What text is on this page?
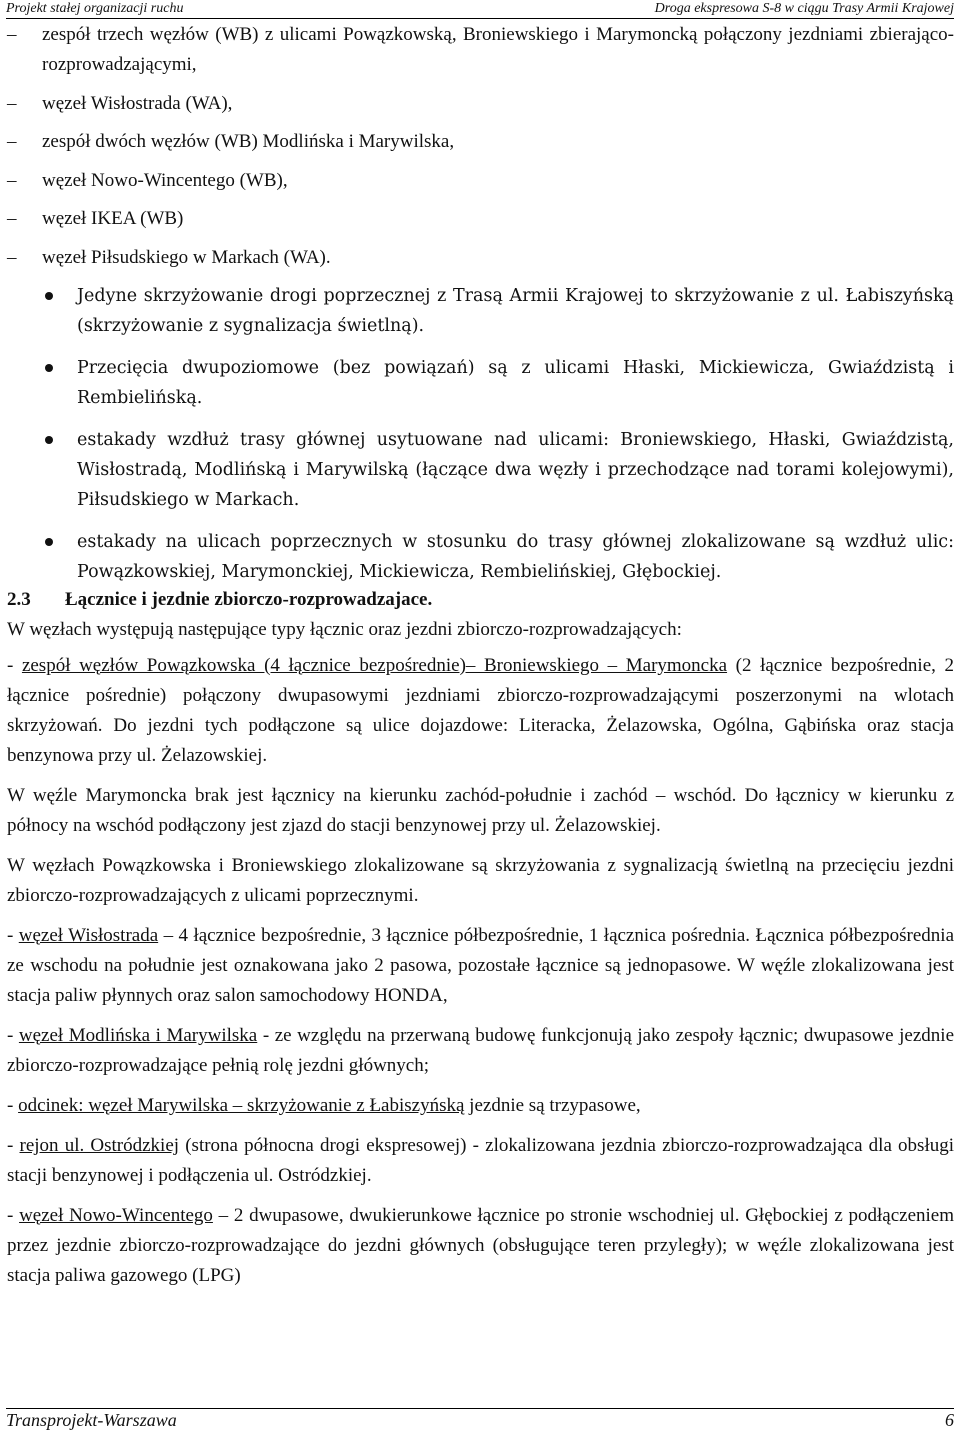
Projekt stałej organizacji ruchu	Droga ekspresowa S-8 w ciągu Trasy Armii Krajowej
– zespół trzech węzłów (WB) z ulicami Powązkowską, Broniewskiego i Marymoncką połączony jezdniami zbierająco-rozprowadzającymi,
– węzeł Wisłostrada (WA),
– zespół dwóch węzłów (WB) Modlińska i Marywilska,
– węzeł Nowo-Wincentego (WB),
– węzeł IKEA (WB)
– węzeł Piłsudskiego w Markach (WA).
Jedyne skrzyżowanie drogi poprzecznej z Trasą Armii Krajowej to skrzyżowanie z ul. Łabiszyńską (skrzyżowanie z sygnalizacja świetlną).
Przecięcia dwupoziomowe (bez powiązań) są z ulicami Hłaski, Mickiewicza, Gwiaździstą i Rembielińską.
estakady wzdłuż trasy głównej usytuowane nad ulicami: Broniewskiego, Hłaski, Gwiaździstą, Wisłostradą, Modlińską i Marywilską (łączące dwa węzły i przechodzące nad torami kolejowymi), Piłsudskiego w Markach.
estakady na ulicach poprzecznych w stosunku do trasy głównej zlokalizowane są wzdłuż ulic: Powązkowskiej, Marymonckiej, Mickiewicza, Rembielińskiej, Głębockiej.
2.3 Łącznice i jezdnie zbiorczo-rozprowadzajace.

W węzłach występują następujące typy łącznic oraz jezdni zbiorczo-rozprowadzających:

- zespół węzłów Powązkowska (4 łącznice bezpośrednie)– Broniewskiego – Marymoncka (2 łącznice bezpośrednie, 2 łącznice pośrednie) połączony dwupasowymi jezdniami zbiorczo-rozprowadzającymi poszerzonymi na wlotach skrzyżowań. Do jezdni tych podłączone są ulice dojazdowe: Literacka, Żelazowska, Ogólna, Gąbińska oraz stacja benzynowa przy ul. Żelazowskiej.

W węźle Marymoncka brak jest łącznicy na kierunku zachód-południe i zachód – wschód. Do łącznicy w kierunku z północy na wschód podłączony jest zjazd do stacji benzynowej przy ul. Żelazowskiej.

W węzłach Powązkowska i Broniewskiego zlokalizowane są skrzyżowania z sygnalizacją świetlną na przecięciu jezdni zbiorczo-rozprowadzających z ulicami poprzecznymi.

- węzeł Wisłostrada – 4 łącznice bezpośrednie, 3 łącznice półbezpośrednie, 1 łącznica pośrednia. Łącznica półbezpośrednia ze wschodu na południe jest oznakowana jako 2 pasowa, pozostałe łącznice są jednopasowe. W węźle zlokalizowana jest stacja paliw płynnych oraz salon samochodowy HONDA,

- węzeł Modlińska i Marywilska - ze względu na przerwaną budowę funkcjonują jako zespoły łącznic; dwupasowe jezdnie zbiorczo-rozprowadzające pełnią rolę jezdni głównych;

- odcinek: węzeł Marywilska – skrzyżowanie z Łabiszyńską jezdnie są trzypasowe,

- rejon ul. Ostródzkiej (strona północna drogi ekspresowej) - zlokalizowana jezdnia zbiorczo-rozprowadzająca dla obsługi stacji benzynowej i podłączenia ul. Ostródzkiej.

- węzeł Nowo-Wincentego – 2 dwupasowe, dwukierunkowe łącznice po stronie wschodniej ul. Głębockiej z podłączeniem przez jezdnie zbiorczo-rozprowadzające do jezdni głównych (obsługujące teren przyległy); w węźle zlokalizowana jest stacja paliwa gazowego (LPG)

Transprojekt-Warszawa	6
